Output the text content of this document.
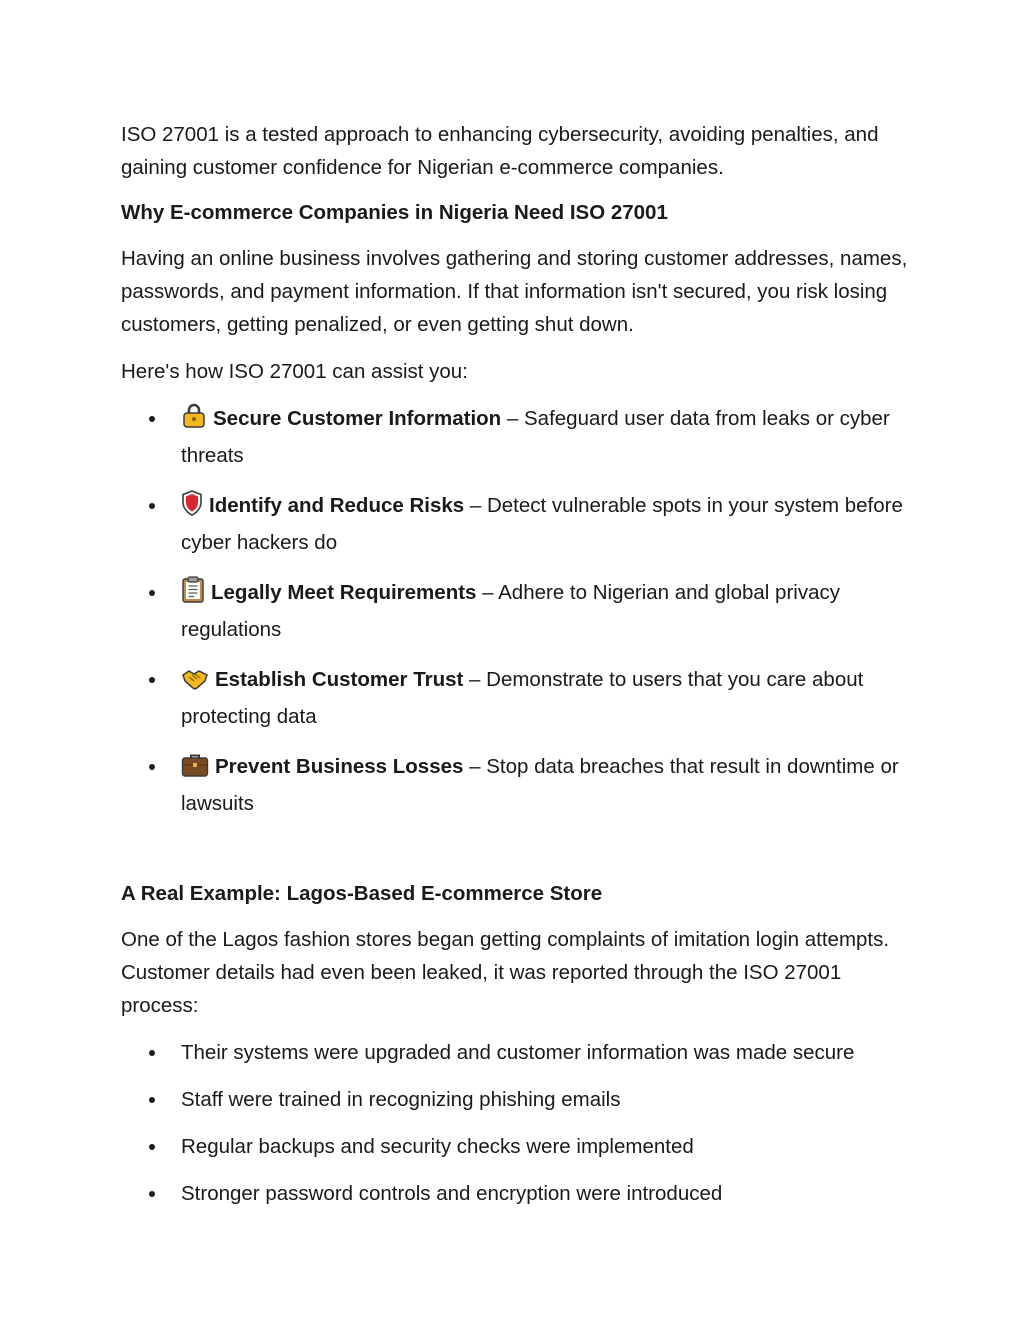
ISO 27001 is a tested approach to enhancing cybersecurity, avoiding penalties, and gaining customer confidence for Nigerian e-commerce companies.

Why E-commerce Companies in Nigeria Need ISO 27001

Having an online business involves gathering and storing customer addresses, names, passwords, and payment information. If that information isn't secured, you risk losing customers, getting penalized, or even getting shut down.

Here's how ISO 27001 can assist you:

Secure Customer Information – Safeguard user data from leaks or cyber threats
Identify and Reduce Risks – Detect vulnerable spots in your system before cyber hackers do
Legally Meet Requirements – Adhere to Nigerian and global privacy regulations
Establish Customer Trust – Demonstrate to users that you care about protecting data
Prevent Business Losses – Stop data breaches that result in downtime or lawsuits
A Real Example: Lagos-Based E-commerce Store

One of the Lagos fashion stores began getting complaints of imitation login attempts. Customer details had even been leaked, it was reported through the ISO 27001 process:

Their systems were upgraded and customer information was made secure
Staff were trained in recognizing phishing emails
Regular backups and security checks were implemented
Stronger password controls and encryption were introduced
